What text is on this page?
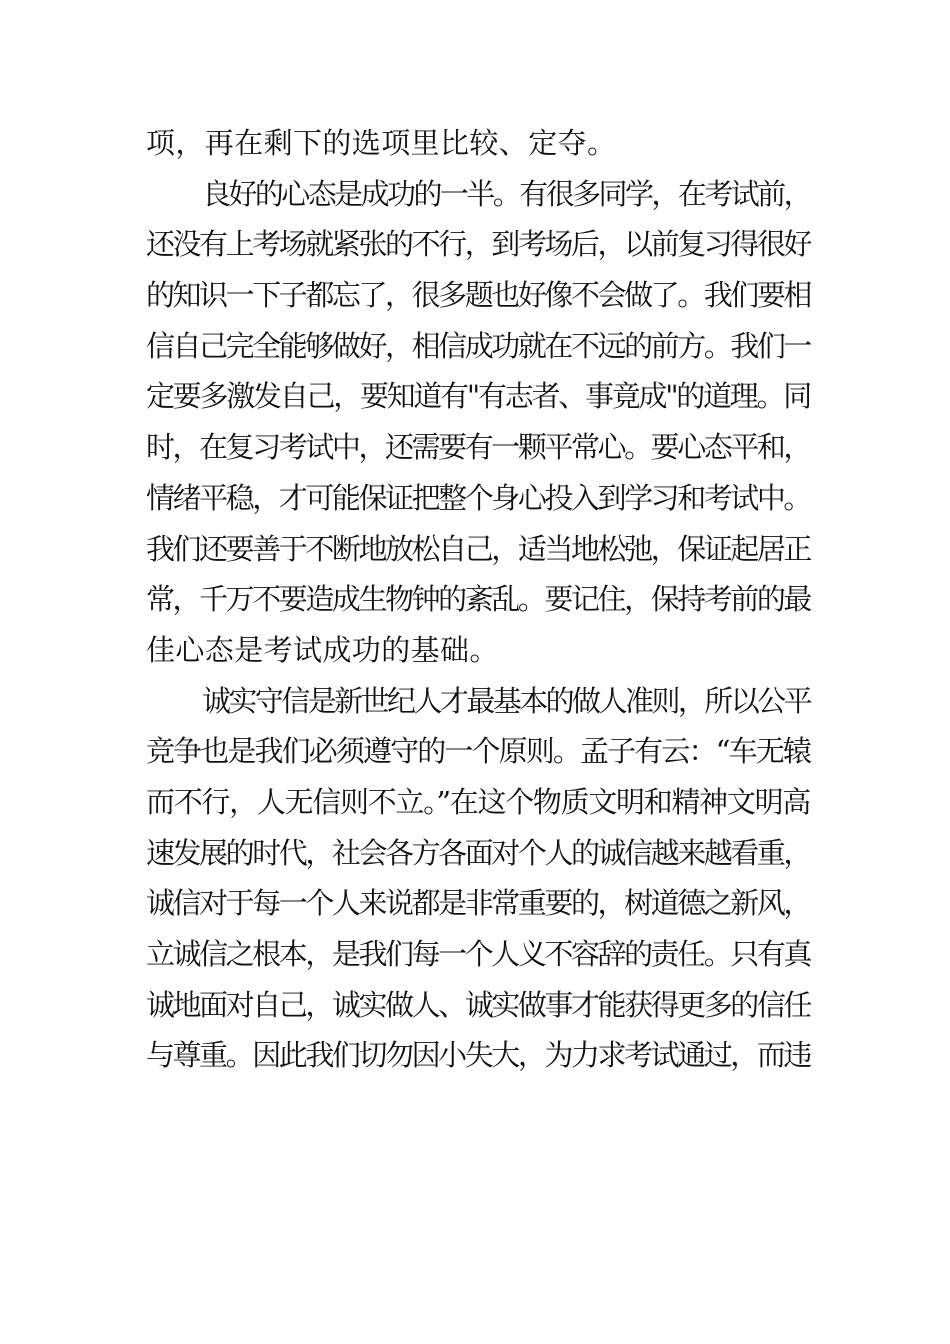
项，再在剩下的选项里比较、定夺。
良好的心态是成功的一半。有很多同学，在考试前，
还没有上考场就紧张的不行，到考场后，以前复习得很好
的知识一下子都忘了，很多题也好像不会做了。我们要相
信自己完全能够做好，相信成功就在不远的前方。我们一
定要多激发自己，要知道有"有志者、事竟成"的道理。同
时，在复习考试中，还需要有一颗平常心。要心态平和，
情绪平稳，才可能保证把整个身心投入到学习和考试中。
我们还要善于不断地放松自己，适当地松弛，保证起居正
常，千万不要造成生物钟的紊乱。要记住，保持考前的最
佳心态是考试成功的基础。
诚实守信是新世纪人才最基本的做人准则，所以公平
竞争也是我们必须遵守的一个原则。孟子有云：“车无辕
而不行，人无信则不立。”在这个物质文明和精神文明高
速发展的时代，社会各方各面对个人的诚信越来越看重，
诚信对于每一个人来说都是非常重要的，树道德之新风，
立诚信之根本，是我们每一个人义不容辞的责任。只有真
诚地面对自己，诚实做人、诚实做事才能获得更多的信任
与尊重。因此我们切勿因小失大，为力求考试通过，而违
